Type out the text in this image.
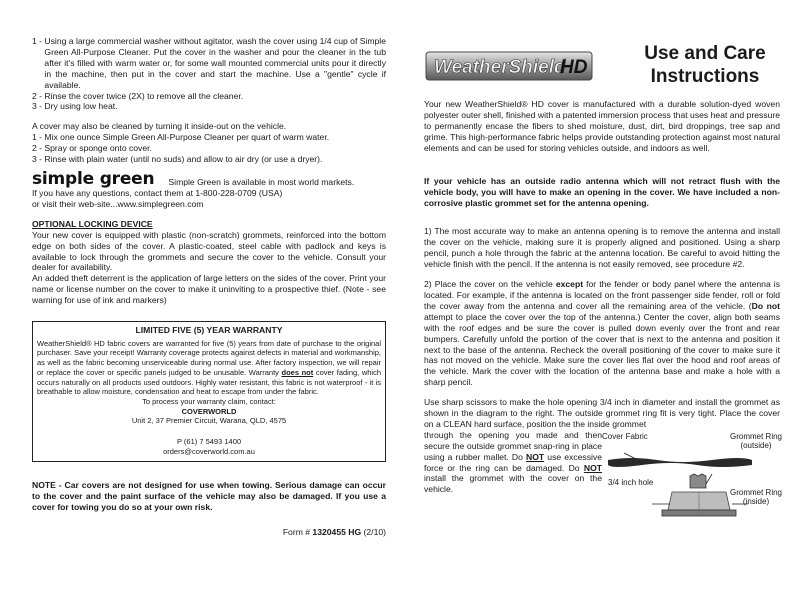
1 - Using a large commercial washer without agitator, wash the cover using 1/4 cup of Simple Green All-Purpose Cleaner. Put the cover in the washer and pour the cleaner in the tub after it's filled with warm water or, for some wall mounted commercial units pour it directly in the machine, then put in the cover and start the machine. Use a "gentle" cycle if available.
2 - Rinse the cover twice (2X) to remove all the cleaner.
3 - Dry using low heat.

A cover may also be cleaned by turning it inside-out on the vehicle.

1 - Mix one ounce Simple Green All-Purpose Cleaner per quart of warm water.
2 - Spray or sponge onto cover.
3 - Rinse with plain water (until no suds) and allow to air dry (or use a dryer).
simple green Simple Green is available in most world markets.
If you have any questions, contact them at 1-800-228-0709 (USA)
or visit their web-site...www.simplegreen.com
OPTIONAL LOCKING DEVICE

Your new cover is equipped with plastic (non-scratch) grommets, reinforced into the bottom edge on both sides of the cover. A plastic-coated, steel cable with padlock and keys is available to lock through the grommets and secure the cover to the vehicle. Consult your dealer for availability.

An added theft deterrent is the application of large letters on the sides of the cover. Print your name or license number on the cover to make it uninviting to a prospective thief. (Note - see warning for use of ink and markers)

LIMITED FIVE (5) YEAR WARRANTY
WeatherShield® HD fabric covers are warranted for five (5) years from date of purchase to the original purchaser. Save your receipt! Warranty coverage protects against defects in material and workmanship, as well as the fabric becoming unserviceable during normal use. After factory inspection, we will repair or replace the cover or specific panels judged to be unusable. Warranty does not cover fading, which occurs naturally on all products used outdoors. Highly water resistant, this fabric is not waterproof - it is breathable to allow moisture, condensation and heat to escape from under the fabric.
To process your warranty claim, contact:
COVERWORLD
Unit 2, 37 Premier Circuit, Warana, QLD, 4575
P (61) 7 5493 1400
orders@coverworld.com.au

NOTE - Car covers are not designed for use when towing. Serious damage can occur to the cover and the paint surface of the vehicle may also be damaged. If you use a cover for towing you do so at your own risk.

Form # 1320455 HG (2/10)
WeatherShield
HD
Use and Care
Instructions

Your new WeatherShield® HD cover is manufactured with a durable solution-dyed woven polyester outer shell, finished with a patented immersion process that uses heat and pressure to permanently encase the fibers to shed moisture, dust, dirt, bird droppings, tree sap and grime. This high-performance fabric helps provide outstanding protection against most natural elements and can be used for storing vehicles outside, and indoors as well.

If your vehicle has an outside radio antenna which will not retract flush with the vehicle body, you will have to make an opening in the cover. We have included a non-corrosive plastic grommet set for the antenna opening.

1) The most accurate way to make an antenna opening is to remove the antenna and install the cover on the vehicle, making sure it is properly aligned and positioned. Using a sharp pencil, punch a hole through the fabric at the antenna location. Be careful to avoid hitting the vehicle finish with the pencil. If the antenna is not easily removed, see procedure #2.

2) Place the cover on the vehicle except for the fender or body panel where the antenna is located. For example, if the antenna is located on the front passenger side fender, roll or fold the cover away from the antenna and cover all the remaining area of the vehicle. (Do not attempt to place the cover over the top of the antenna.) Center the cover, align both seams with the roof edges and be sure the cover is pulled down evenly over the front and rear bumpers. Carefully unfold the portion of the cover that is next to the antenna and position it next to the base of the antenna. Recheck the overall positioning of the cover to make sure it has not moved on the vehicle. Make sure the cover lies flat over the hood and roof areas of the vehicle. Mark the cover with the location of the antenna base and make a hole with a sharp pencil.

Use sharp scissors to make the hole opening 3/4 inch in diameter and install the grommet as shown in the diagram to the right. The outside grommet ring fit is very tight. Place the cover on a CLEAN hard surface, position the the inside grommet

through the opening you made and then secure the outside grommet snap-ring in place using a rubber mallet. Do NOT use excessive force or the ring can be damaged. Do NOT install the grommet with the cover on the vehicle.

Cover Fabric
3/4 inch hole
Grommet Ring (outside)
Grommet Ring (inside)
